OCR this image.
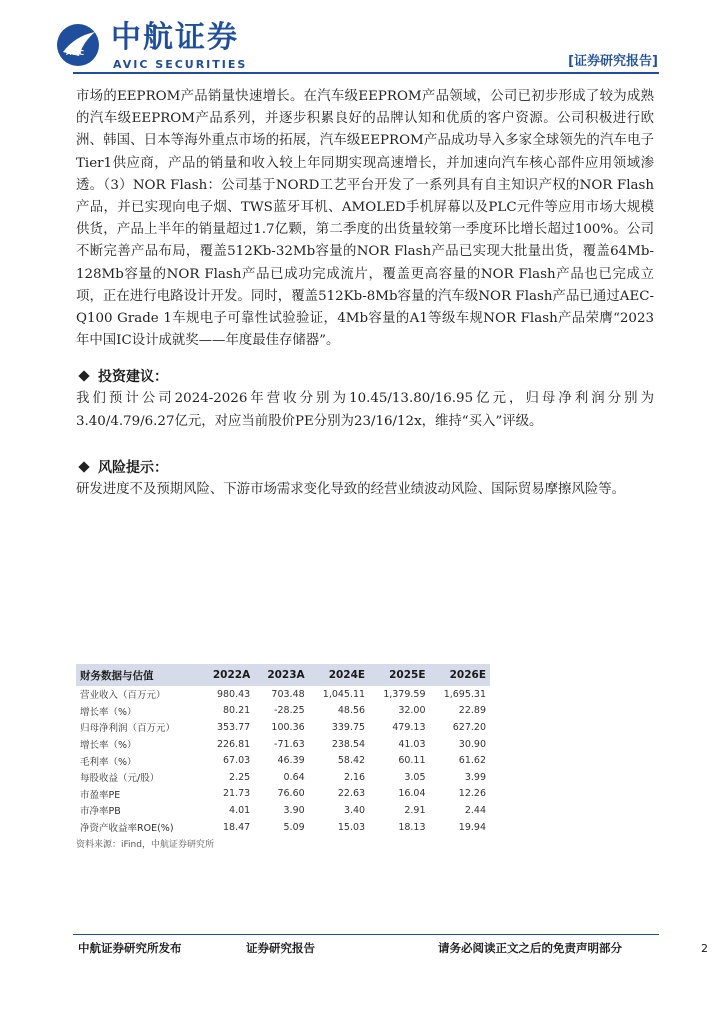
AVIC 中航证券
AVIC SECURITIES	[证券研究报告]

市场的EEPROM产品销量快速增长。在汽车级EEPROM产品领域，公司已初步形成了较为成熟的汽车级EEPROM产品系列，并逐步积累良好的品牌认知和优质的客户资源。公司积极进行欧洲、韩国、日本等海外重点市场的拓展，汽车级EEPROM产品成功导入多家全球领先的汽车电子Tier1供应商，产品的销量和收入较上年同期实现高速增长，并加速向汽车核心部件应用领域渗透。（3）NOR Flash：公司基于NORD工艺平台开发了一系列具有自主知识产权的NOR Flash产品，并已实现向电子烟、TWS蓝牙耳机、AMOLED手机屏幕以及PLC元件等应用市场大规模供货，产品上半年的销量超过1.7亿颗，第二季度的出货量较第一季度环比增长超过100%。公司不断完善产品布局，覆盖512Kb-32Mb容量的NOR Flash产品已实现大批量出货，覆盖64Mb-128Mb容量的NOR Flash产品已成功完成流片，覆盖更高容量的NOR Flash产品也已完成立项，正在进行电路设计开发。同时，覆盖512Kb-8Mb容量的汽车级NOR Flash产品已通过AEC-Q100 Grade 1车规电子可靠性试验验证，4Mb容量的A1等级车规NOR Flash产品荣膺“2023年中国IC设计成就奖——年度最佳存储器”。

投资建议：

我们预计公司2024-2026年营收分别为10.45/13.80/16.95亿元，归母净利润分别为3.40/4.79/6.27亿元，对应当前股价PE分别为23/16/12x，维持“买入”评级。

风险提示：

研发进度不及预期风险、下游市场需求变化导致的经营业绩波动风险、国际贸易摩擦风险等。

财务数据与估值	2022A	2023A	2024E	2025E	2026E
营业收入（百万元）	980.43	703.48	1,045.11	1,379.59	1,695.31
增长率（%）	80.21	-28.25	48.56	32.00	22.89
归母净利润（百万元）	353.77	100.36	339.75	479.13	627.20
增长率（%）	226.81	-71.63	238.54	41.03	30.90
毛利率（%）	67.03	46.39	58.42	60.11	61.62
每股收益（元/股）	2.25	0.64	2.16	3.05	3.99
市盈率PE	21.73	76.60	22.63	16.04	12.26
市净率PB	4.01	3.90	3.40	2.91	2.44
净资产收益率ROE(%)	18.47	5.09	15.03	18.13	19.94
资料来源：iFind，中航证券研究所
中航证券研究所发布	证券研究报告	请务必阅读正文之后的免责声明部分	2
